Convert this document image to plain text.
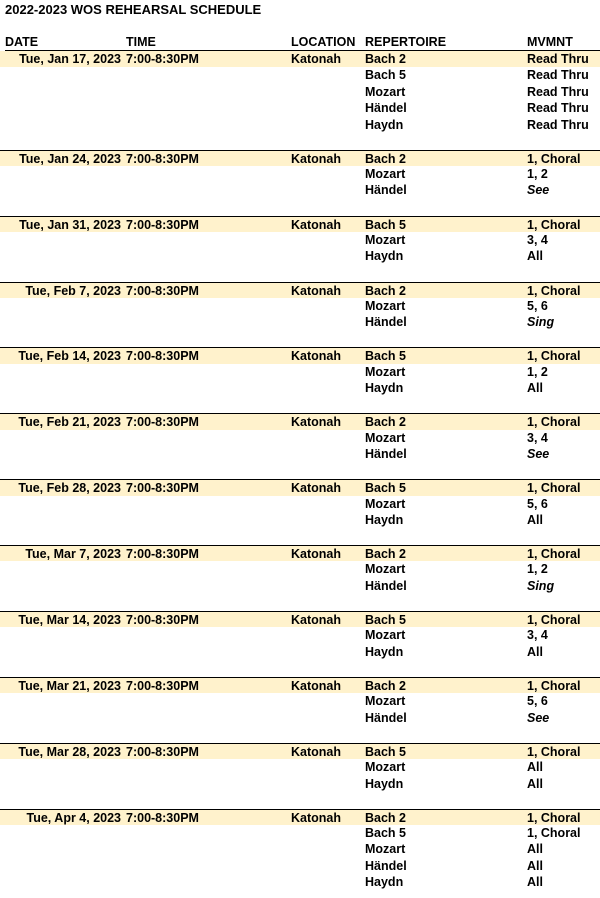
2022-2023 WOS REHEARSAL SCHEDULE
DATE	TIME	LOCATION REPERTOIRE	MVMNT
Tue, Jan 17, 2023 7:00-8:30PM	Katonah Bach 2	Read Thru
Bach 5	Read Thru
Mozart	Read Thru
Händel	Read Thru
Haydn	Read Thru
Tue, Jan 24, 2023 7:00-8:30PM	Katonah Bach 2	1, Choral
Mozart	1, 2
Händel	See
Tue, Jan 31, 2023 7:00-8:30PM	Katonah Bach 5	1, Choral
Mozart	3, 4
Haydn	All
Tue, Feb 7, 2023 7:00-8:30PM	Katonah Bach 2	1, Choral
Mozart	5, 6
Händel	Sing
Tue, Feb 14, 2023 7:00-8:30PM	Katonah Bach 5	1, Choral
Mozart	1, 2
Haydn	All
Tue, Feb 21, 2023 7:00-8:30PM	Katonah Bach 2	1, Choral
Mozart	3, 4
Händel	See
Tue, Feb 28, 2023 7:00-8:30PM	Katonah Bach 5	1, Choral
Mozart	5, 6
Haydn	All
Tue, Mar 7, 2023 7:00-8:30PM	Katonah Bach 2	1, Choral
Mozart	1, 2
Händel	Sing
Tue, Mar 14, 2023 7:00-8:30PM	Katonah Bach 5	1, Choral
Mozart	3, 4
Haydn	All
Tue, Mar 21, 2023 7:00-8:30PM	Katonah Bach 2	1, Choral
Mozart	5, 6
Händel	See
Tue, Mar 28, 2023 7:00-8:30PM	Katonah Bach 5	1, Choral
Mozart	All
Haydn	All
Tue, Apr 4, 2023 7:00-8:30PM	Katonah Bach 2	1, Choral
Bach 5	1, Choral
Mozart	All
Händel	All
Haydn	All
